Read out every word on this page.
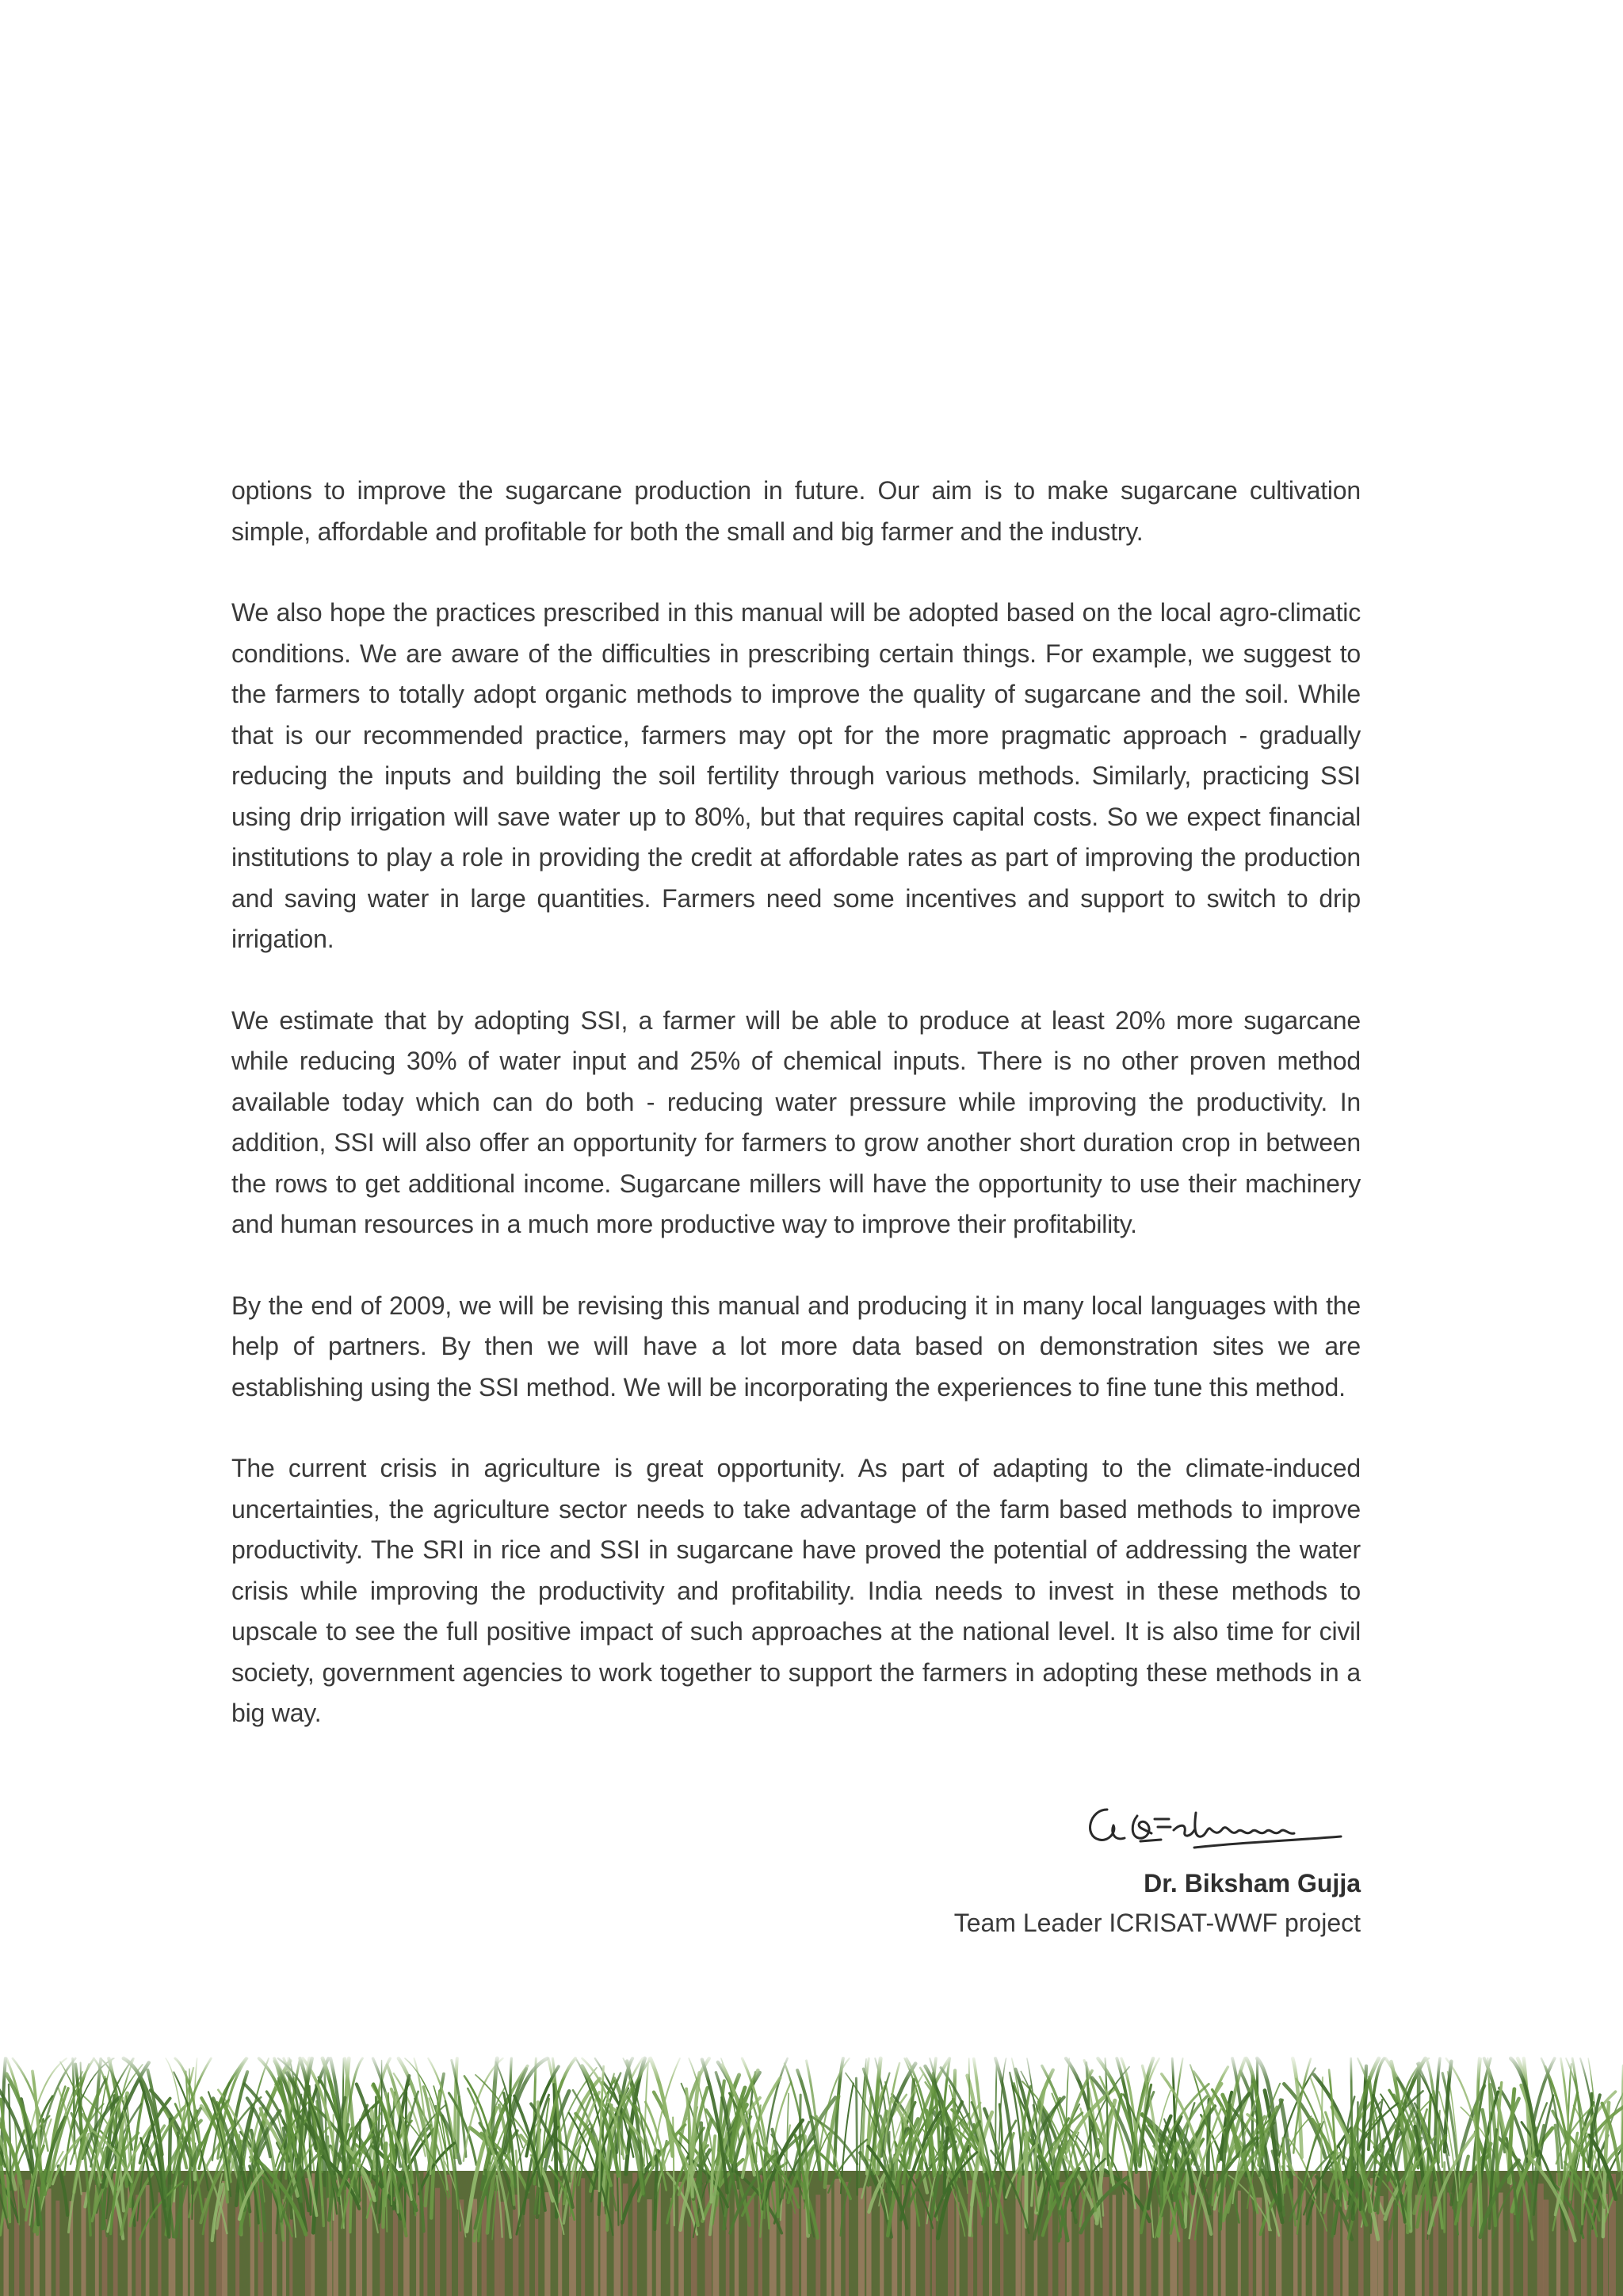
options to improve the sugarcane production in future. Our aim is to make sugarcane cultivation simple, affordable and profitable for both the small and big farmer and the industry.

We also hope the practices prescribed in this manual will be adopted based on the local agro-climatic conditions. We are aware of the difficulties in prescribing certain things. For example, we suggest to the farmers to totally adopt organic methods to improve the quality of sugarcane and the soil. While that is our recommended practice, farmers may opt for the more pragmatic approach - gradually reducing the inputs and building the soil fertility through various methods. Similarly, practicing SSI using drip irrigation will save water up to 80%, but that requires capital costs. So we expect financial institutions to play a role in providing the credit at affordable rates as part of improving the production and saving water in large quantities. Farmers need some incentives and support to switch to drip irrigation.

We estimate that by adopting SSI, a farmer will be able to produce at least 20% more sugarcane while reducing 30% of water input and 25% of chemical inputs. There is no other proven method available today which can do both - reducing water pressure while improving the productivity. In addition, SSI will also offer an opportunity for farmers to grow another short duration crop in between the rows to get additional income. Sugarcane millers will have the opportunity to use their machinery and human resources in a much more productive way to improve their profitability.

By the end of 2009, we will be revising this manual and producing it in many local languages with the help of partners. By then we will have a lot more data based on demonstration sites we are establishing using the SSI method. We will be incorporating the experiences to fine tune this method.

The current crisis in agriculture is great opportunity. As part of adapting to the climate-induced uncertainties, the agriculture sector needs to take advantage of the farm based methods to improve productivity. The SRI in rice and SSI in sugarcane have proved the potential of addressing the water crisis while improving the productivity and profitability. India needs to invest in these methods to upscale to see the full positive impact of such approaches at the national level. It is also time for civil society, government agencies to work together to support the farmers in adopting these methods in a big way.

Dr. Biksham Gujja
Team Leader ICRISAT-WWF project
